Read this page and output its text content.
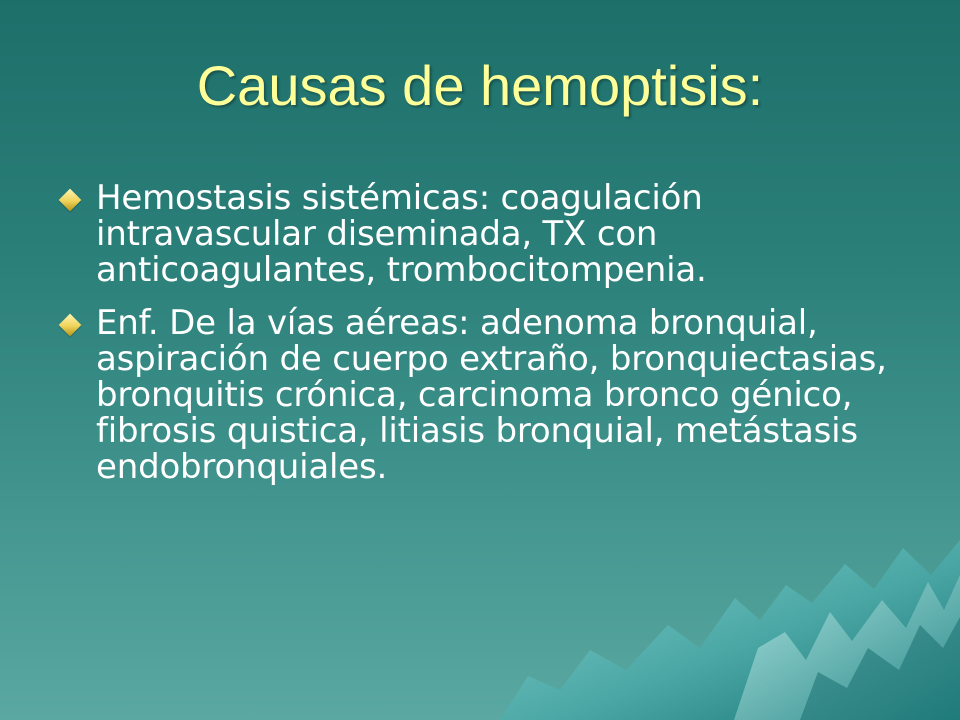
Causas de hemoptisis:
Hemostasis sistémicas: coagulación intravascular diseminada, TX con anticoagulantes, trombocitompenia.
Enf. De la vías aéreas: adenoma bronquial, aspiración de cuerpo extraño, bronquiectasias, bronquitis crónica, carcinoma bronco génico, fibrosis quistica, litiasis bronquial, metástasis endobronquiales.
